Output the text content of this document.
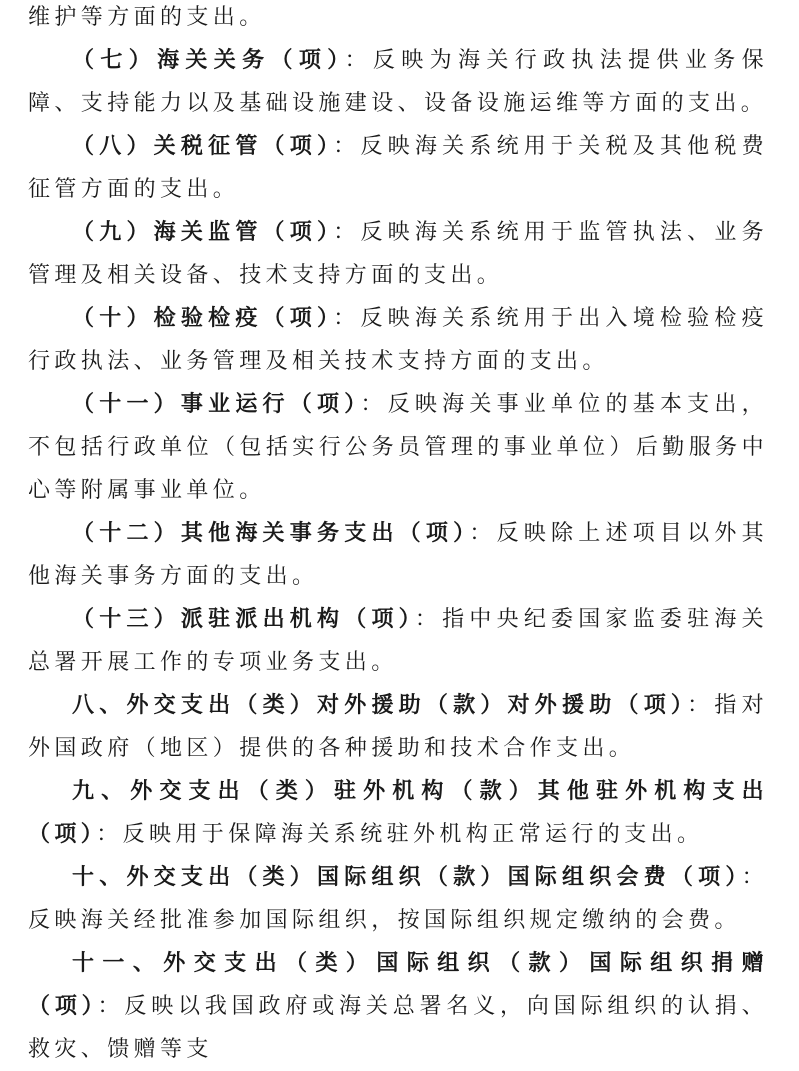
维护等方面的支出。

（七）海关关务（项）：反映为海关行政执法提供业务保障、支持能力以及基础设施建设、设备设施运维等方面的支出。

（八）关税征管（项）：反映海关系统用于关税及其他税费征管方面的支出。

（九）海关监管（项）：反映海关系统用于监管执法、业务管理及相关设备、技术支持方面的支出。

（十）检验检疫（项）：反映海关系统用于出入境检验检疫行政执法、业务管理及相关技术支持方面的支出。

（十一）事业运行（项）：反映海关事业单位的基本支出，不包括行政单位（包括实行公务员管理的事业单位）后勤服务中心等附属事业单位。

（十二）其他海关事务支出（项）：反映除上述项目以外其他海关事务方面的支出。

（十三）派驻派出机构（项）：指中央纪委国家监委驻海关总署开展工作的专项业务支出。

八、外交支出（类）对外援助（款）对外援助（项）：指对外国政府（地区）提供的各种援助和技术合作支出。

九、外交支出（类）驻外机构（款）其他驻外机构支出（项）：反映用于保障海关系统驻外机构正常运行的支出。

十、外交支出（类）国际组织（款）国际组织会费（项）：反映海关经批准参加国际组织，按国际组织规定缴纳的会费。

十一、外交支出（类）国际组织（款）国际组织捐赠（项）：反映以我国政府或海关总署名义，向国际组织的认捐、救灾、馈赠等支
